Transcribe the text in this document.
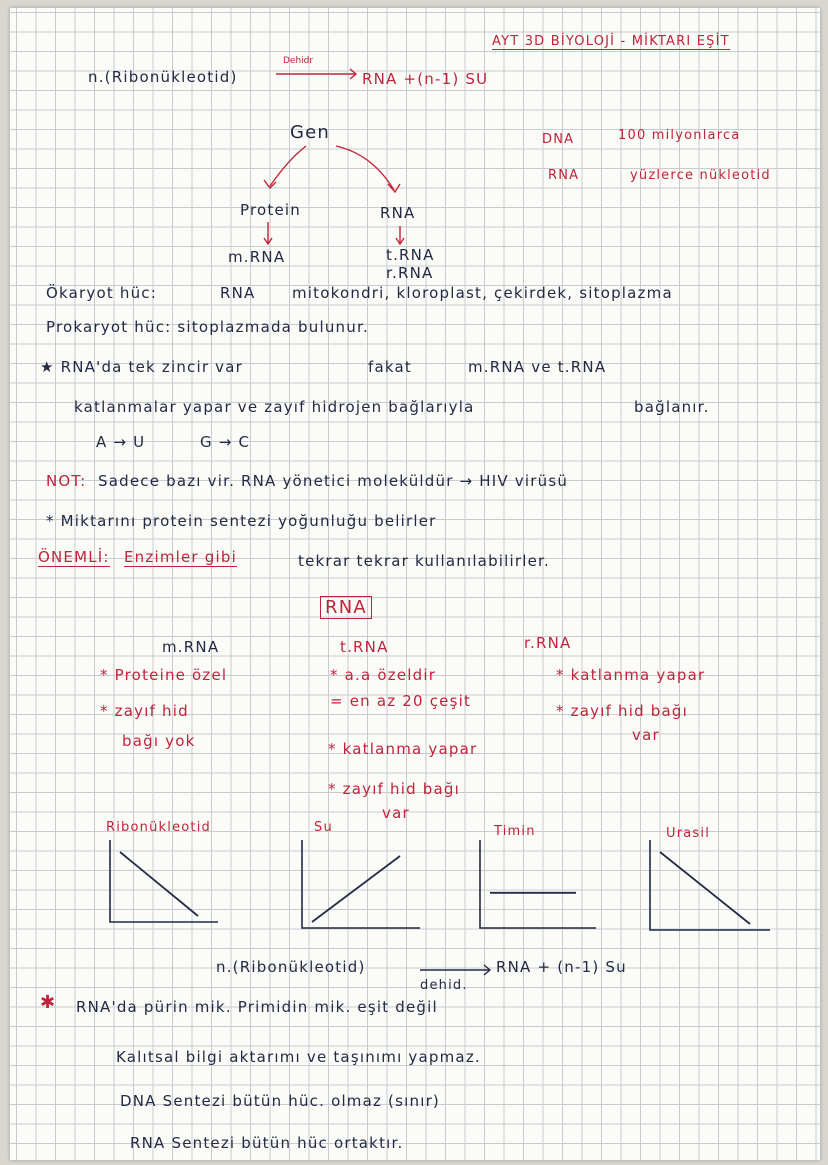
AYT 3D BİYOLOJİ - MİKTARI EŞİT
n.(Ribonükleotid)
Dehidr
RNA +(n-1) SU
Gen
Protein
m.RNA
RNA
t.RNA
r.RNA
DNA	100 milyonlarca
RNA	yüzlerce nükleotid
Ökaryot hüc:	RNA mitokondri, kloroplast, çekirdek, sitoplazma
Prokaryot hüc: sitoplazmada bulunur.
★ RNA'da tek zincir var	fakat	m.RNA ve t.RNA
katlanmalar yapar ve zayıf hidrojen bağlarıyla	bağlanır.
A → U	G → C
NOT: Sadece bazı vir. RNA yönetici moleküldür → HIV virüsü
* Miktarını protein sentezi yoğunluğu belirler
ÖNEMLİ: Enzimler gibi	tekrar tekrar kullanılabilirler.
RNA
m.RNA
* Proteine özel
* zayıf hid
bağı yok
t.RNA
* a.a özeldir
= en az 20 çeşit
* katlanma yapar
* zayıf hid bağı
var
r.RNA
* katlanma yapar
* zayıf hid bağı
var
Ribonükleotid	Su	Timin	Urasil
n.(Ribonükleotid)	RNA + (n-1) Su
dehid.
✱ RNA'da pürin mik. Primidin mik. eşit değil
Kalıtsal bilgi aktarımı ve taşınımı yapmaz.
DNA Sentezi bütün hüc. olmaz (sınır)
RNA Sentezi bütün hüc ortaktır.
